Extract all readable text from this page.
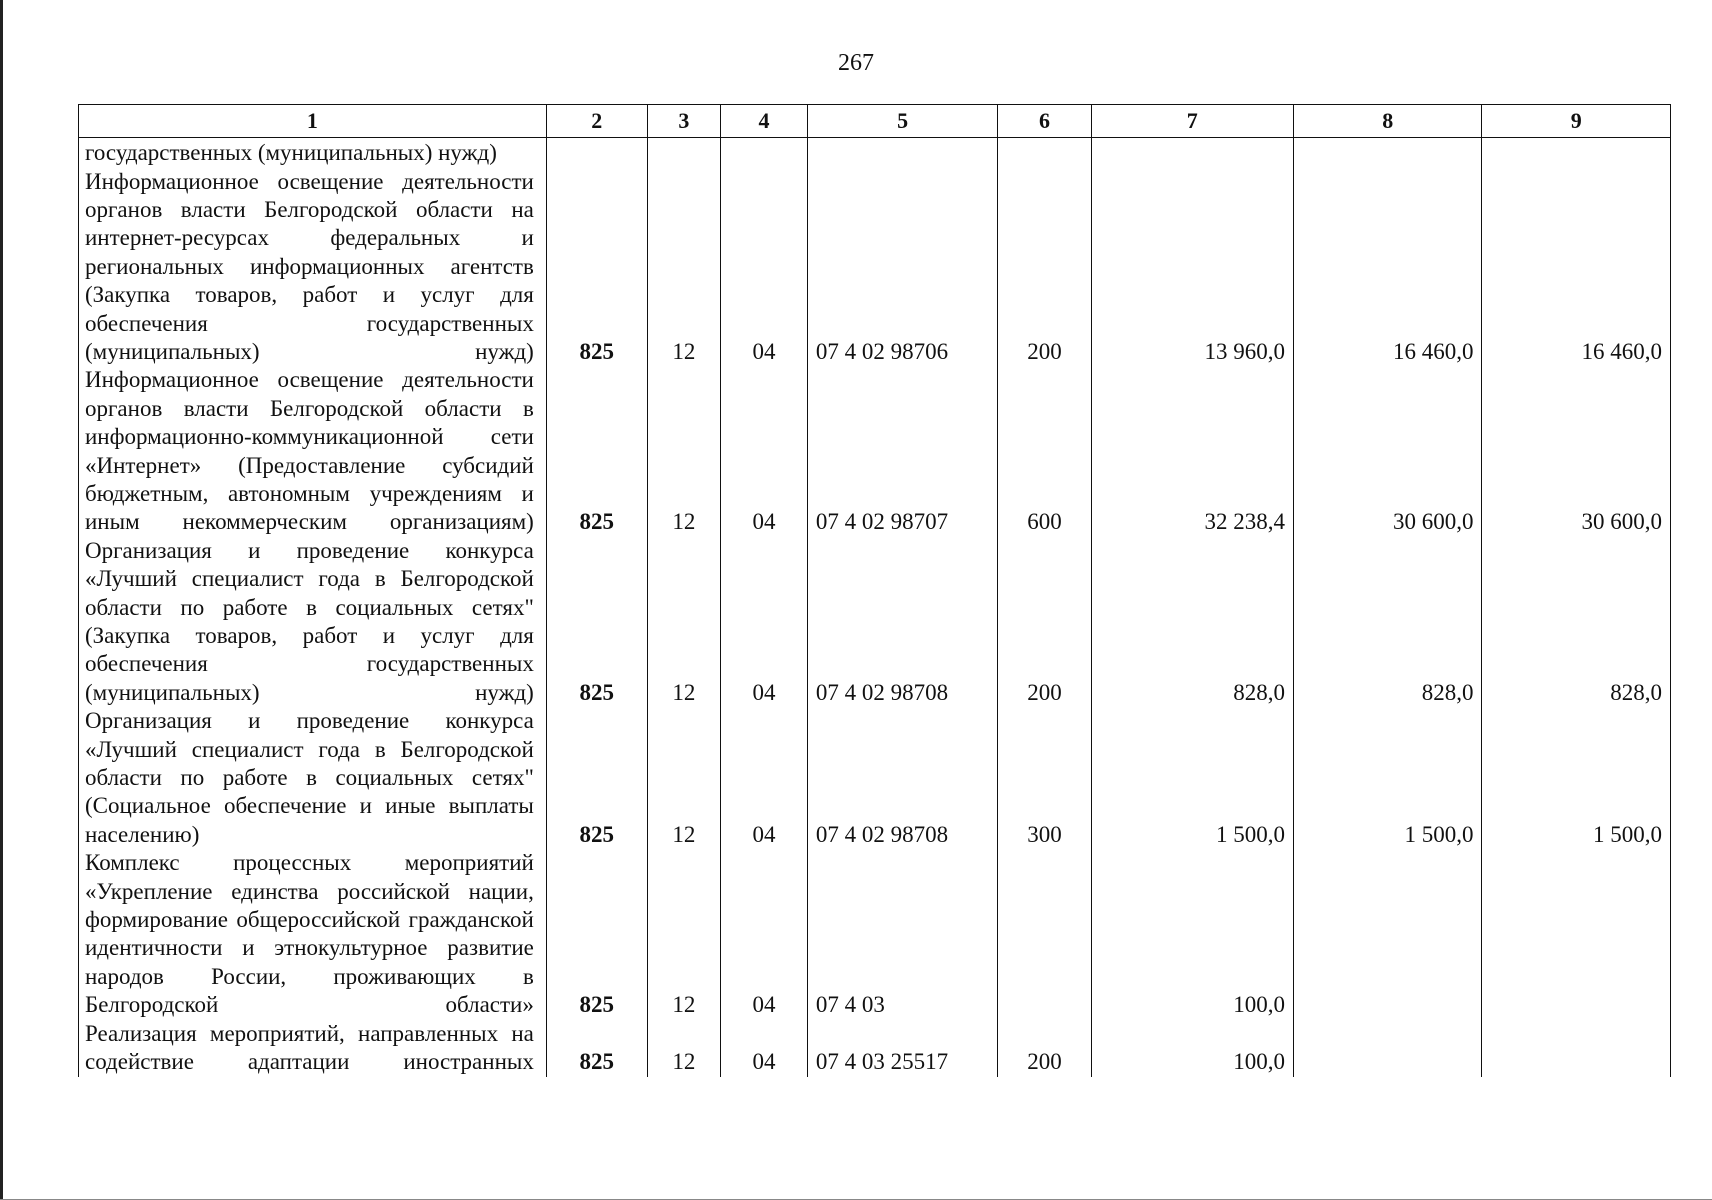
267
1	2	3	4	5	6	7	8	9
государственных (муниципальных) нужд)								
Информационное освещение деятельности органов власти Белгородской области на интернет-ресурсах федеральных и региональных информационных агентств (Закупка товаров, работ и услуг для обеспечения государственных (муниципальных) нужд)	825	12	04	07 4 02 98706	200	13 960,0	16 460,0	16 460,0
Информационное освещение деятельности органов власти Белгородской области в информационно-коммуникационной сети «Интернет» (Предоставление субсидий бюджетным, автономным учреждениям и иным некоммерческим организациям)	825	12	04	07 4 02 98707	600	32 238,4	30 600,0	30 600,0
Организация и проведение конкурса «Лучший специалист года в Белгородской области по работе в социальных сетях" (Закупка товаров, работ и услуг для обеспечения государственных (муниципальных) нужд)	825	12	04	07 4 02 98708	200	828,0	828,0	828,0
Организация и проведение конкурса «Лучший специалист года в Белгородской области по работе в социальных сетях" (Социальное обеспечение и иные выплаты населению)	825	12	04	07 4 02 98708	300	1 500,0	1 500,0	1 500,0
Комплекс процессных мероприятий «Укрепление единства российской нации, формирование общероссийской гражданской идентичности и этнокультурное развитие народов России, проживающих в Белгородской области»	825	12	04	07 4 03		100,0		
Реализация мероприятий, направленных на содействие адаптации иностранных	825	12	04	07 4 03 25517	200	100,0		
